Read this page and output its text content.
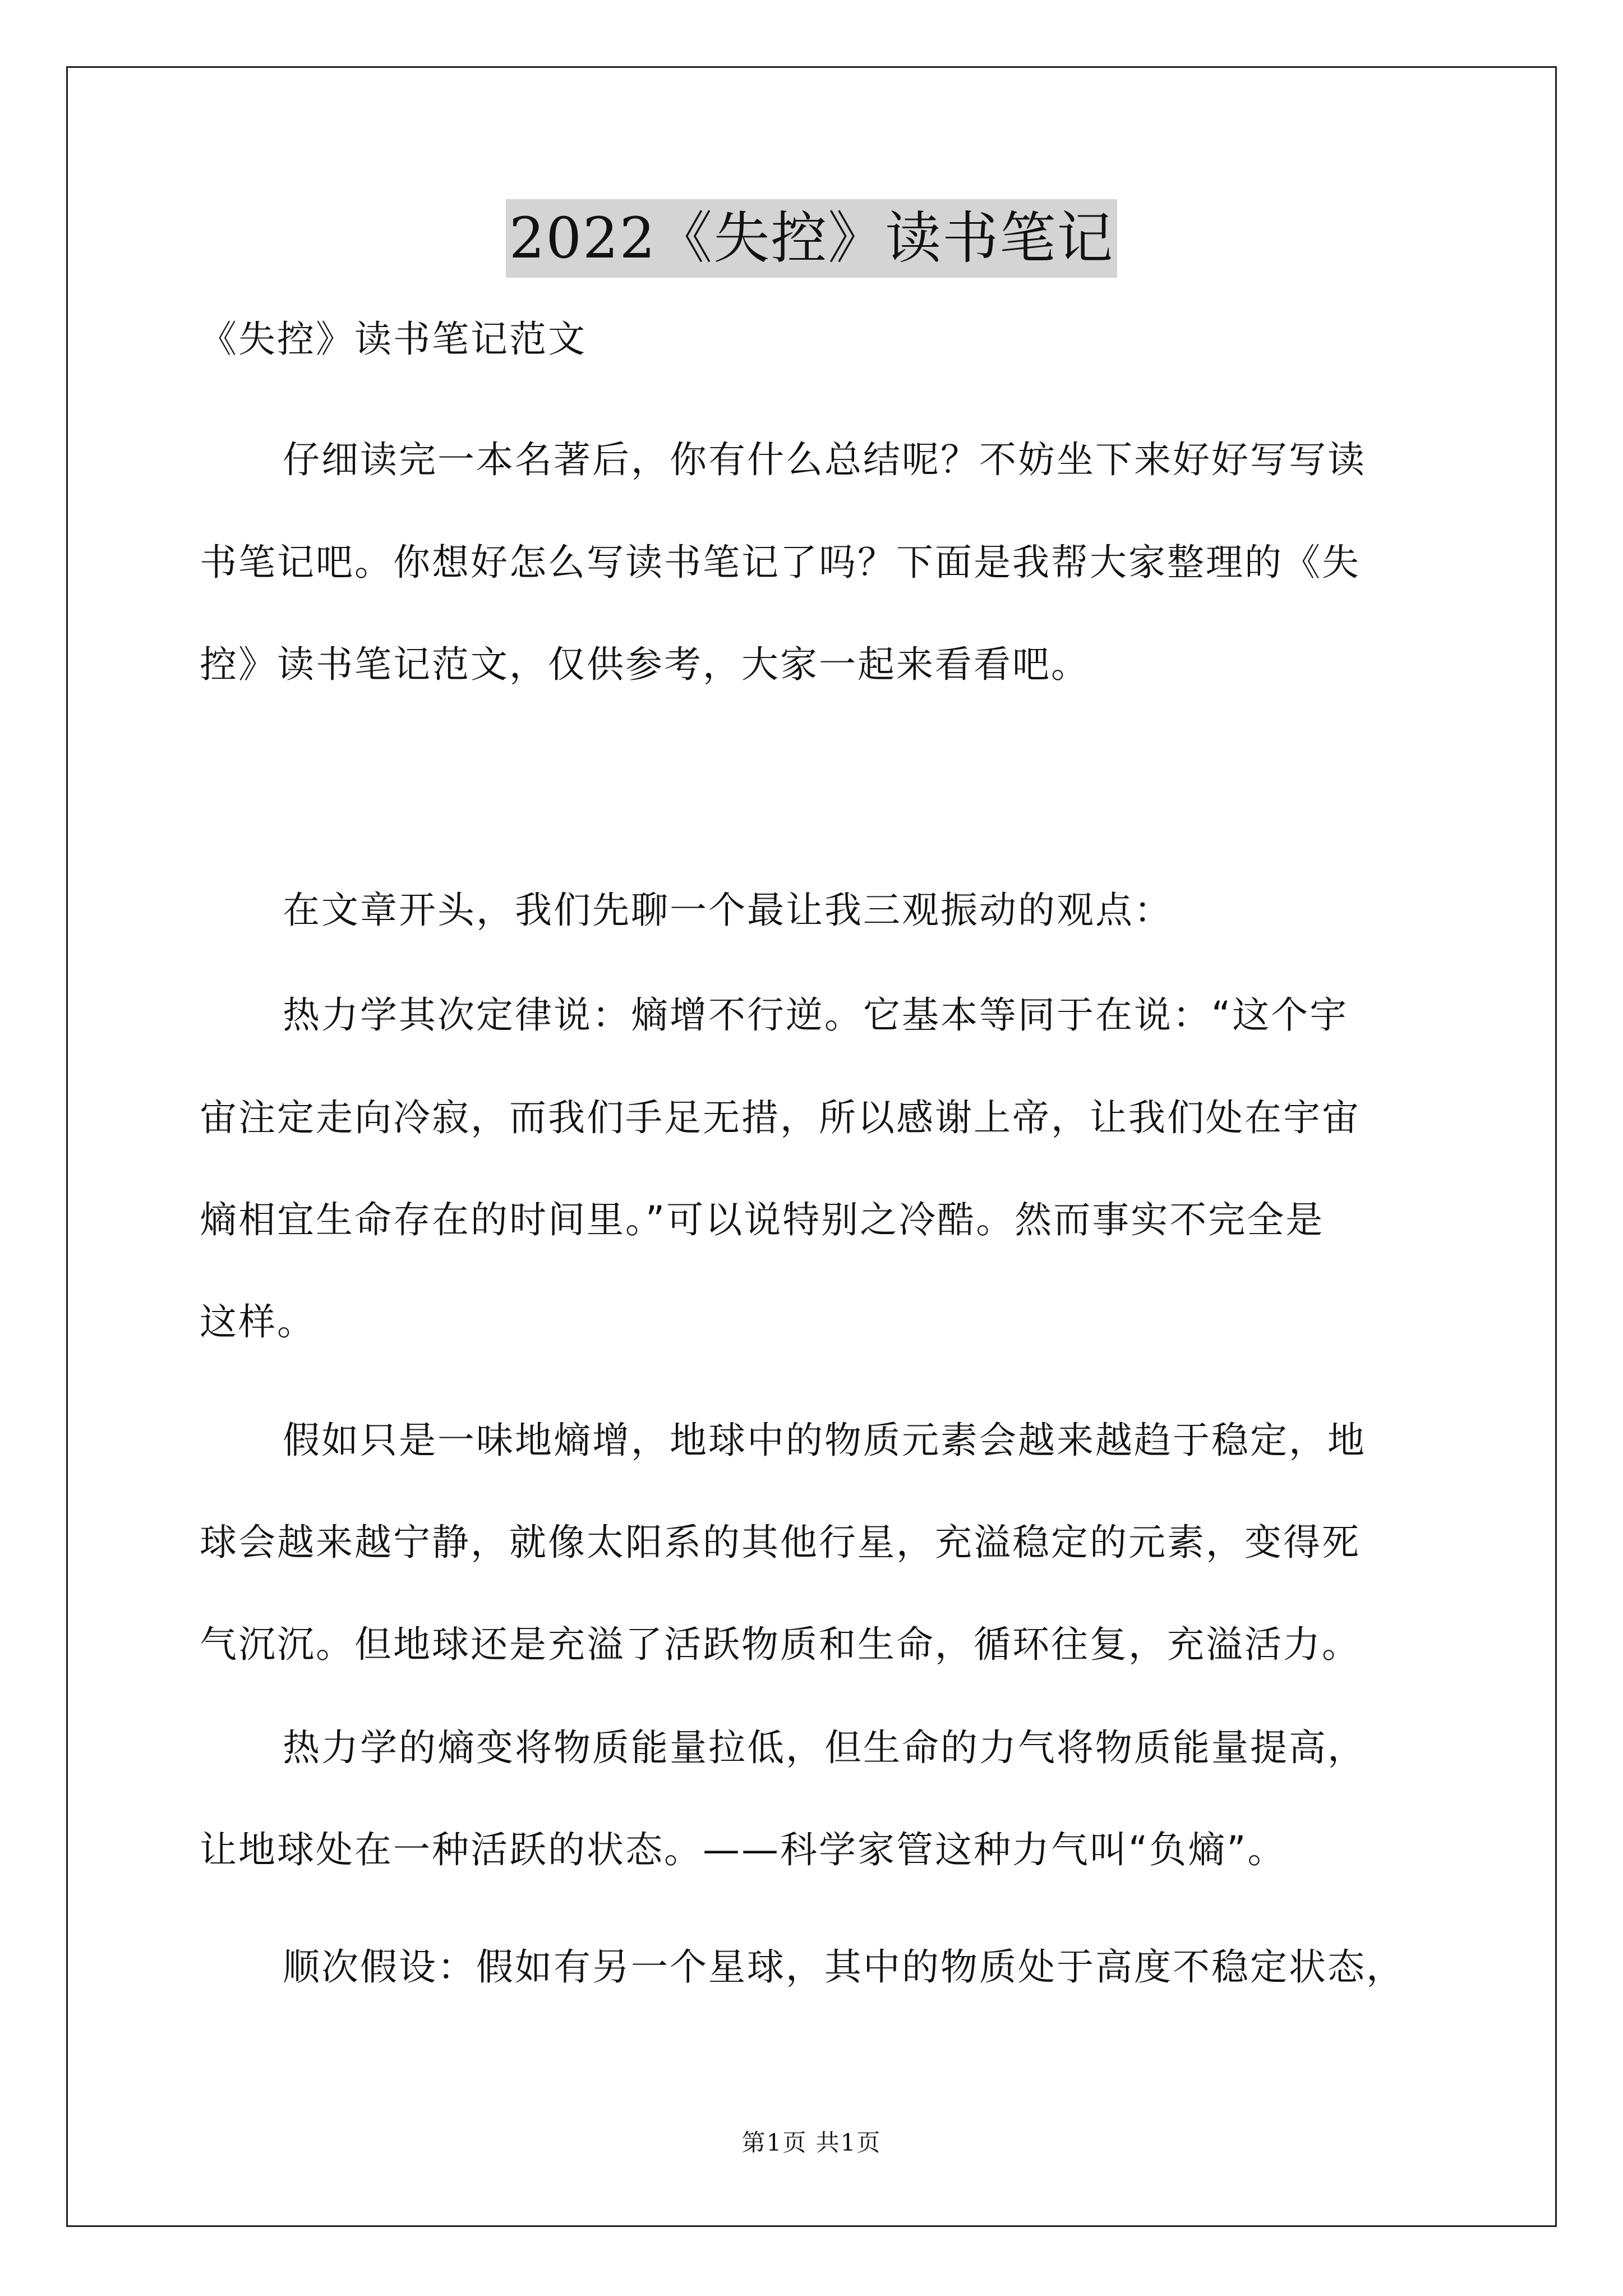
2022《失控》读书笔记
《失控》读书笔记范文
仔细读完一本名著后，你有什么总结呢？不妨坐下来好好写写读
书笔记吧。你想好怎么写读书笔记了吗？下面是我帮大家整理的《失
控》读书笔记范文，仅供参考，大家一起来看看吧。
在文章开头，我们先聊一个最让我三观振动的观点：
热力学其次定律说：熵增不行逆。它基本等同于在说：“这个宇
宙注定走向冷寂，而我们手足无措，所以感谢上帝，让我们处在宇宙
熵相宜生命存在的时间里。”可以说特别之冷酷。然而事实不完全是
这样。
假如只是一味地熵增，地球中的物质元素会越来越趋于稳定，地
球会越来越宁静，就像太阳系的其他行星，充溢稳定的元素，变得死
气沉沉。但地球还是充溢了活跃物质和生命，循环往复，充溢活力。
热力学的熵变将物质能量拉低，但生命的力气将物质能量提高，
让地球处在一种活跃的状态。——科学家管这种力气叫“负熵”。
顺次假设：假如有另一个星球，其中的物质处于高度不稳定状态，
第1页 共1页
